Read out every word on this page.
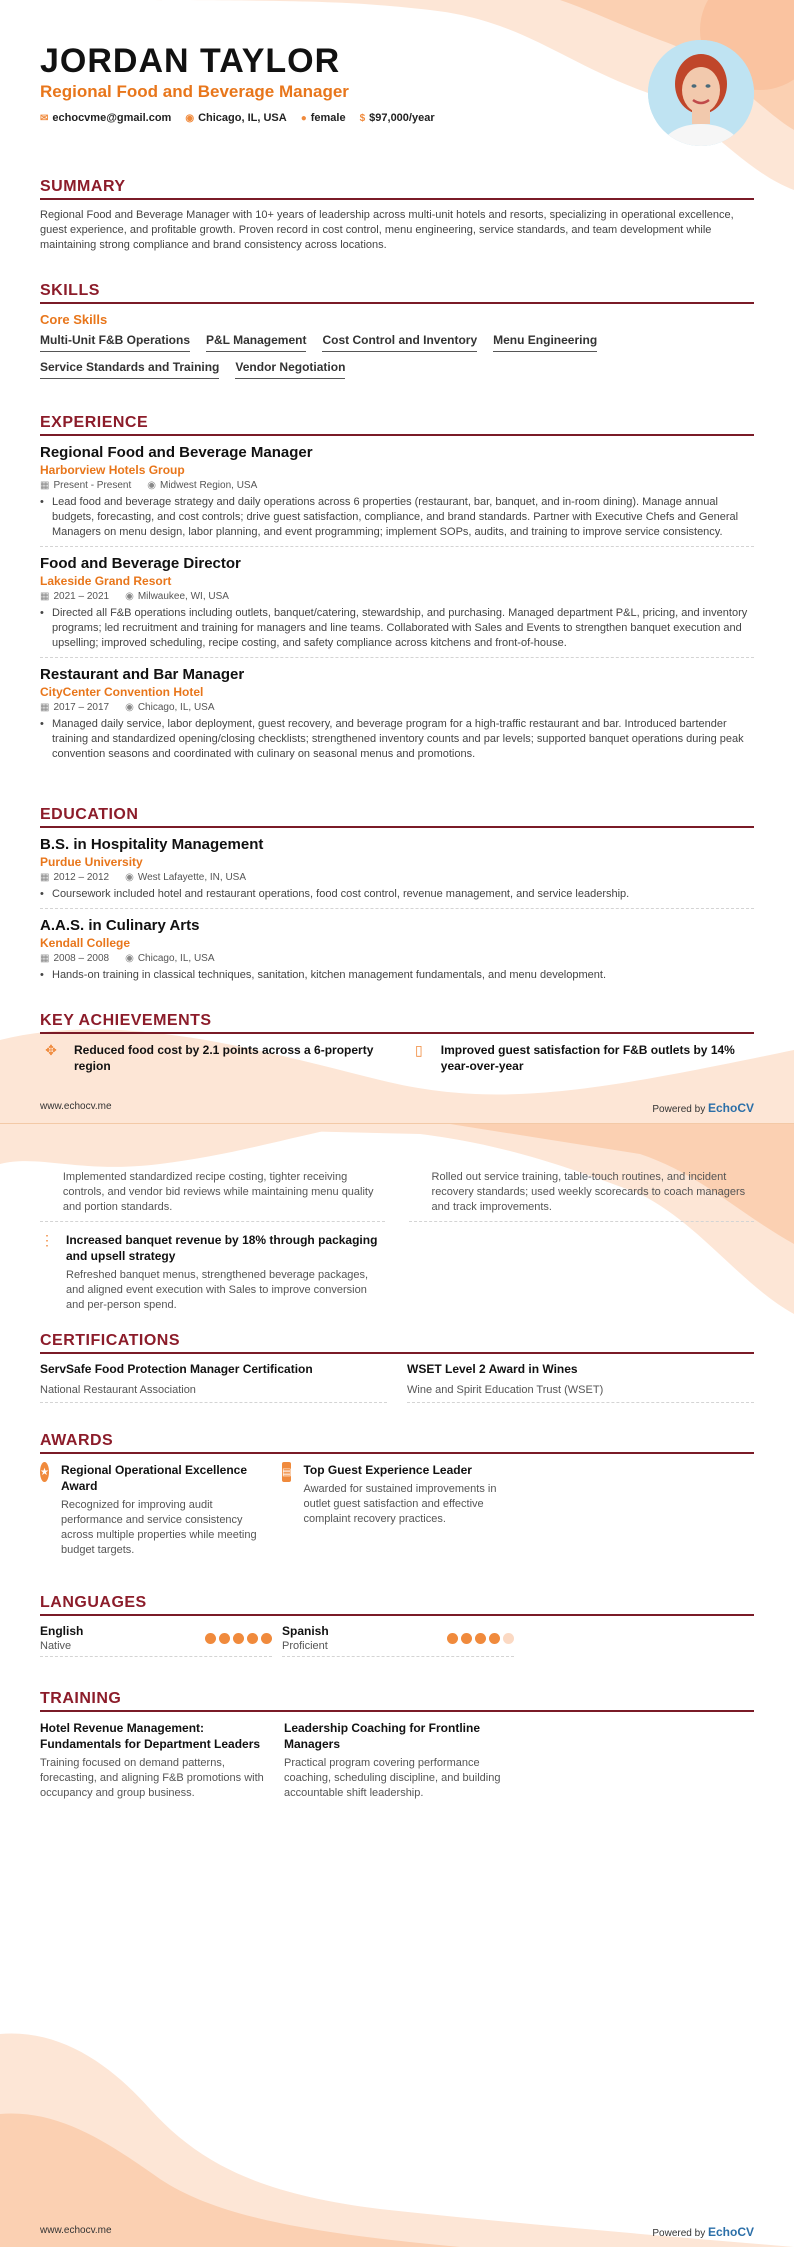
JORDAN TAYLOR
Regional Food and Beverage Manager
✉ echocvme@gmail.com ◉ Chicago, IL, USA ● female $ $97,000/year
SUMMARY
Regional Food and Beverage Manager with 10+ years of leadership across multi-unit hotels and resorts, specializing in operational excellence, guest experience, and profitable growth. Proven record in cost control, menu engineering, service standards, and team development while maintaining strong compliance and brand consistency across locations.
SKILLS
Core Skills
Multi-Unit F&B Operations P&L Management Cost Control and Inventory Menu Engineering
Service Standards and Training Vendor Negotiation
EXPERIENCE
Regional Food and Beverage Manager
Harborview Hotels Group
▦ Present - Present ◉ Midwest Region, USA
• Lead food and beverage strategy and daily operations across 6 properties (restaurant, bar, banquet, and in-room dining). Manage annual budgets, forecasting, and cost controls; drive guest satisfaction, compliance, and brand standards. Partner with Executive Chefs and General Managers on menu design, labor planning, and event programming; implement SOPs, audits, and training to improve service consistency.
Food and Beverage Director
Lakeside Grand Resort
▦ 2021 – 2021 ◉ Milwaukee, WI, USA
• Directed all F&B operations including outlets, banquet/catering, stewardship, and purchasing. Managed department P&L, pricing, and inventory programs; led recruitment and training for managers and line teams. Collaborated with Sales and Events to strengthen banquet execution and upselling; improved scheduling, recipe costing, and safety compliance across kitchens and front-of-house.
Restaurant and Bar Manager
CityCenter Convention Hotel
▦ 2017 – 2017 ◉ Chicago, IL, USA
• Managed daily service, labor deployment, guest recovery, and beverage program for a high-traffic restaurant and bar. Introduced bartender training and standardized opening/closing checklists; strengthened inventory counts and par levels; supported banquet operations during peak convention seasons and coordinated with culinary on seasonal menus and promotions.
EDUCATION
B.S. in Hospitality Management
Purdue University
▦ 2012 – 2012 ◉ West Lafayette, IN, USA
• Coursework included hotel and restaurant operations, food cost control, revenue management, and service leadership.
A.A.S. in Culinary Arts
Kendall College
▦ 2008 – 2008 ◉ Chicago, IL, USA
• Hands-on training in classical techniques, sanitation, kitchen management fundamentals, and menu development.
KEY ACHIEVEMENTS
✥	Reduced food cost by 2.1 points across a 6-property region
▯	Improved guest satisfaction for F&B outlets by 14% year-over-year
www.echocv.me	Powered by EchoCV
Implemented standardized recipe costing, tighter receiving controls, and vendor bid reviews while maintaining menu quality and portion standards.
Rolled out service training, table-touch routines, and incident recovery standards; used weekly scorecards to coach managers and track improvements.
⋮ Increased banquet revenue by 18% through packaging and upsell strategy
Refreshed banquet menus, strengthened beverage packages, and aligned event execution with Sales to improve conversion and per-person spend.
CERTIFICATIONS
ServSafe Food Protection Manager Certification
National Restaurant Association
WSET Level 2 Award in Wines
Wine and Spirit Education Trust (WSET)
AWARDS
★ Regional Operational Excellence Award
Recognized for improving audit performance and service consistency across multiple properties while meeting budget targets.
▤ Top Guest Experience Leader
Awarded for sustained improvements in outlet guest satisfaction and effective complaint recovery practices.
LANGUAGES
English
Native
Spanish
Proficient
TRAINING
Hotel Revenue Management: Fundamentals for Department Leaders
Training focused on demand patterns, forecasting, and aligning F&B promotions with occupancy and group business.
Leadership Coaching for Frontline Managers
Practical program covering performance coaching, scheduling discipline, and building accountable shift leadership.
www.echocv.me	Powered by EchoCV
